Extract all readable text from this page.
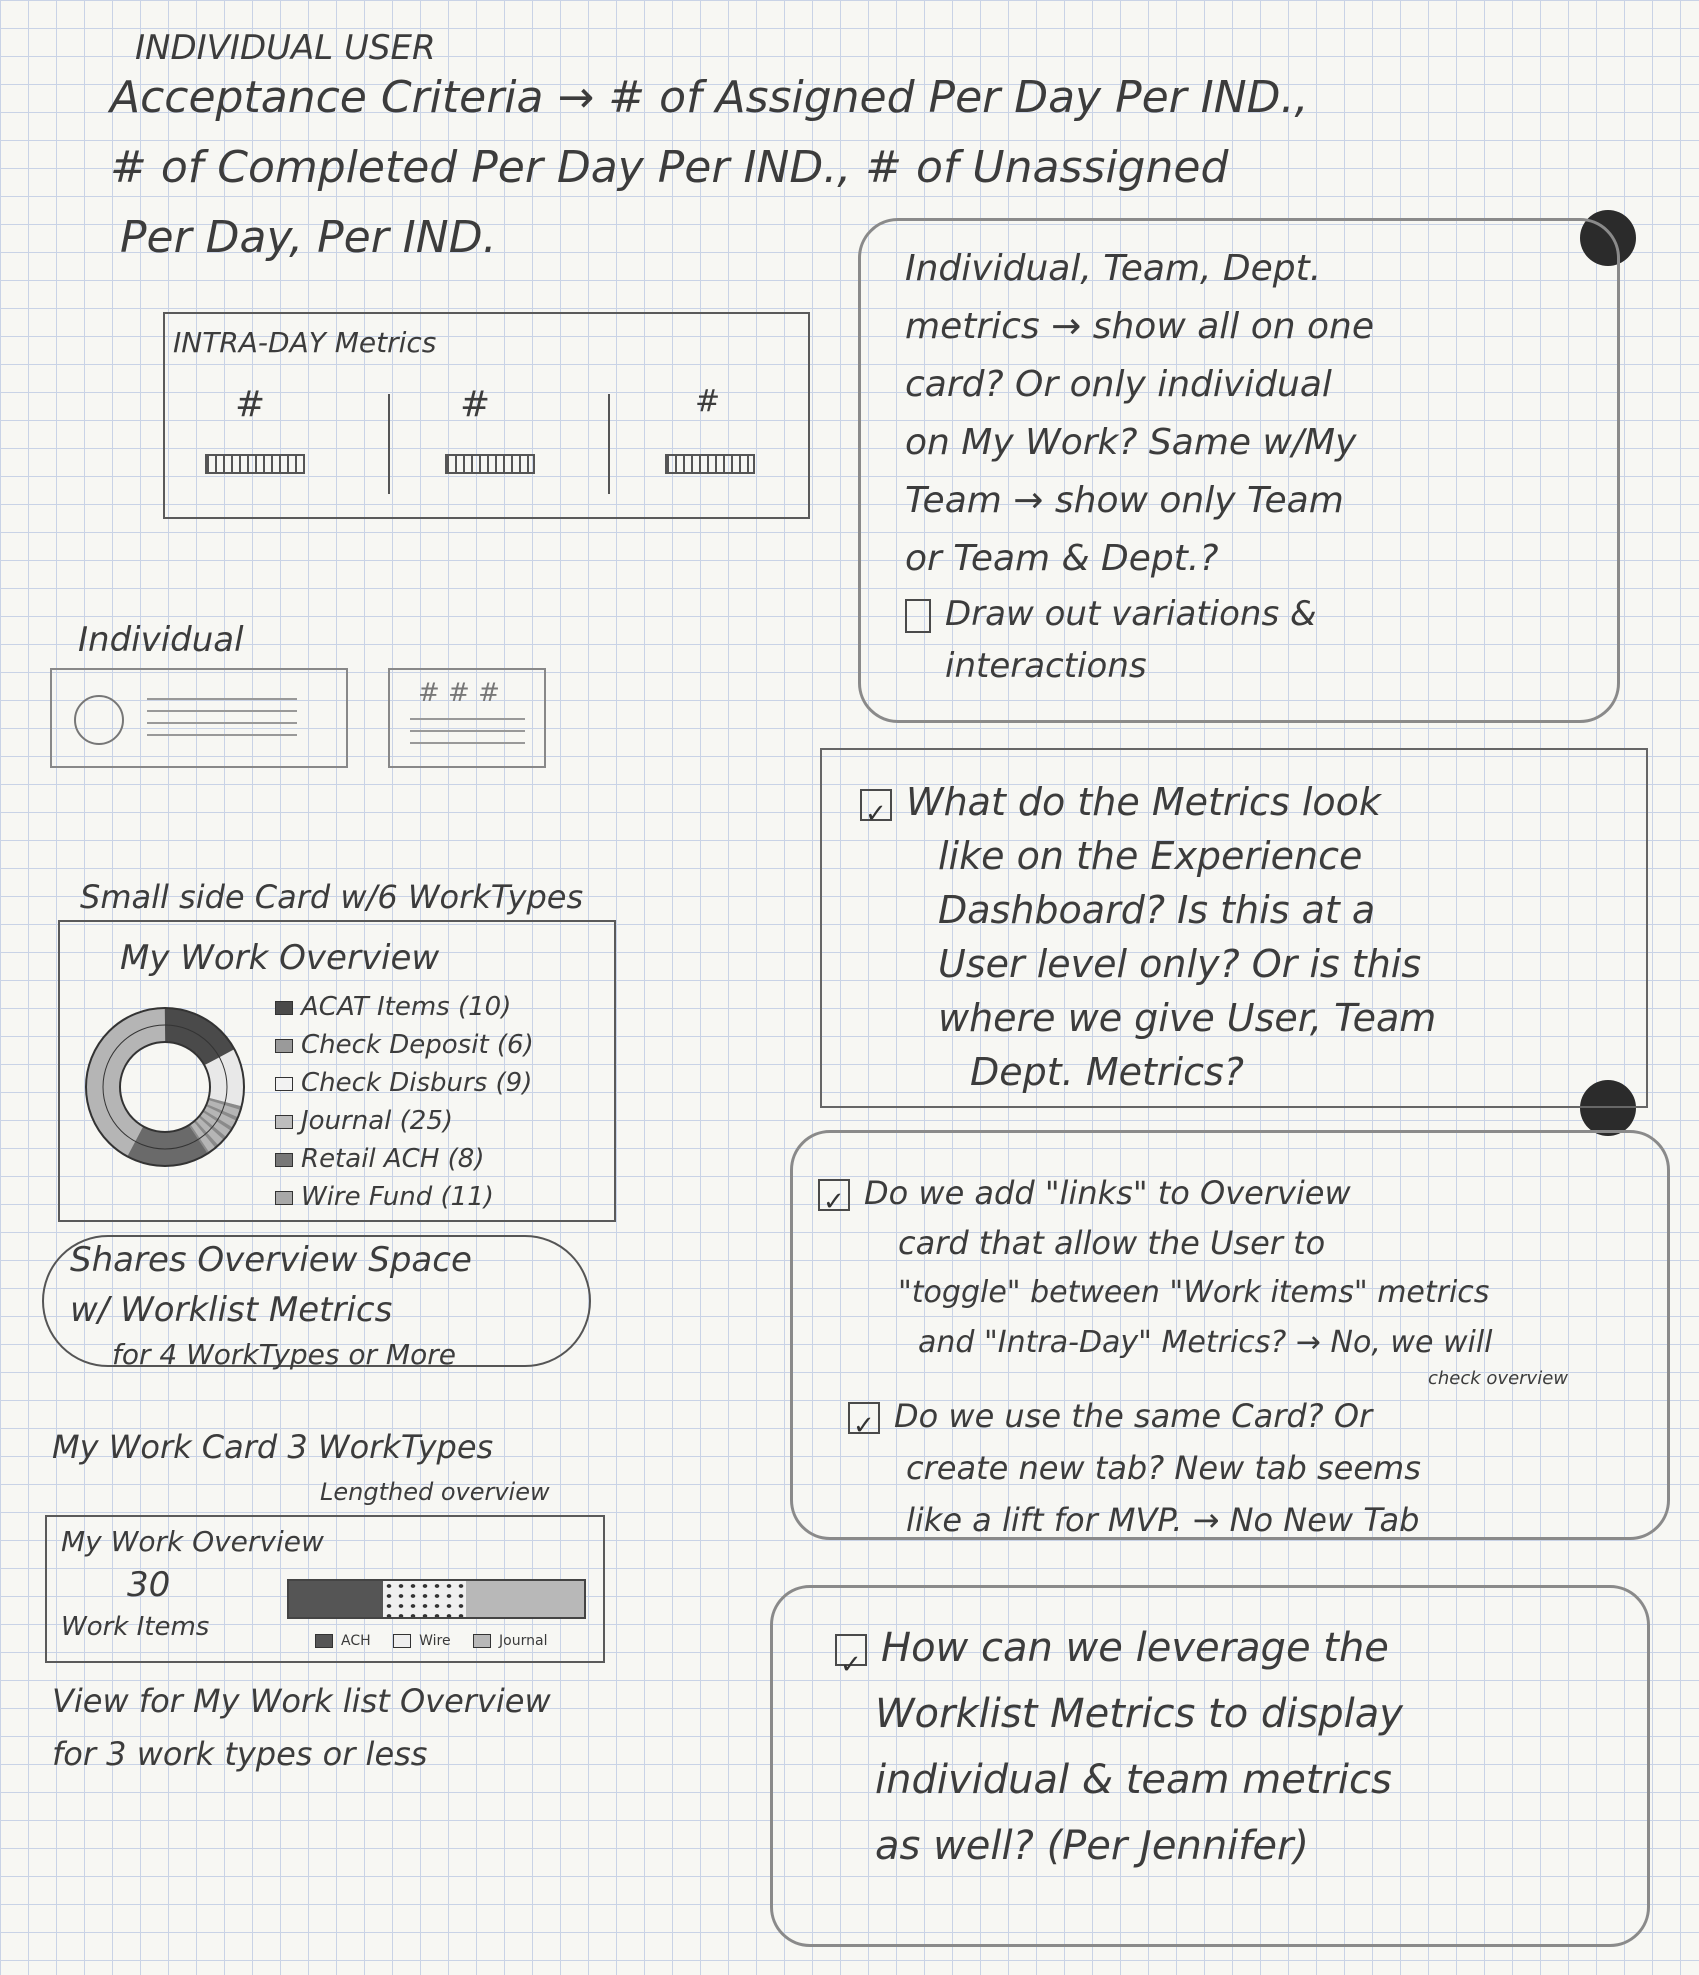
INDIVIDUAL USER
Acceptance Criteria → # of Assigned Per Day Per IND.,
# of Completed Per Day Per IND., # of Unassigned
Per Day, Per IND.
INTRA-DAY Metrics
#	#	#
Individual
# # #
Small side Card w/6 WorkTypes
My Work Overview
ACAT Items (10)
Check Deposit (6)
Check Disburs (9)
Journal (25)
Retail ACH (8)
Wire Fund (11)
Shares Overview Space
w/ Worklist Metrics
for 4 WorkTypes or More
My Work Card 3 WorkTypes
Lengthed overview
My Work Overview
30
Work Items	ACH	Wire	Journal
View for My Work list Overview
for 3 work types or less
Individual, Team, Dept.
metrics → show all on one
card? Or only individual
on My Work? Same w/My
Team → show only Team
or Team & Dept.?
Draw out variations &
interactions
✓What do the Metrics look
like on the Experience
Dashboard? Is this at a
User level only? Or is this
where we give User, Team
Dept. Metrics?
✓Do we add "links" to Overview
card that allow the User to
"toggle" between "Work items" metrics
and "Intra-Day" Metrics? → No, we will
check overview
✓Do we use the same Card? Or
create new tab? New tab seems
like a lift for MVP. → No New Tab
✓How can we leverage the
Worklist Metrics to display
individual & team metrics
as well? (Per Jennifer)
